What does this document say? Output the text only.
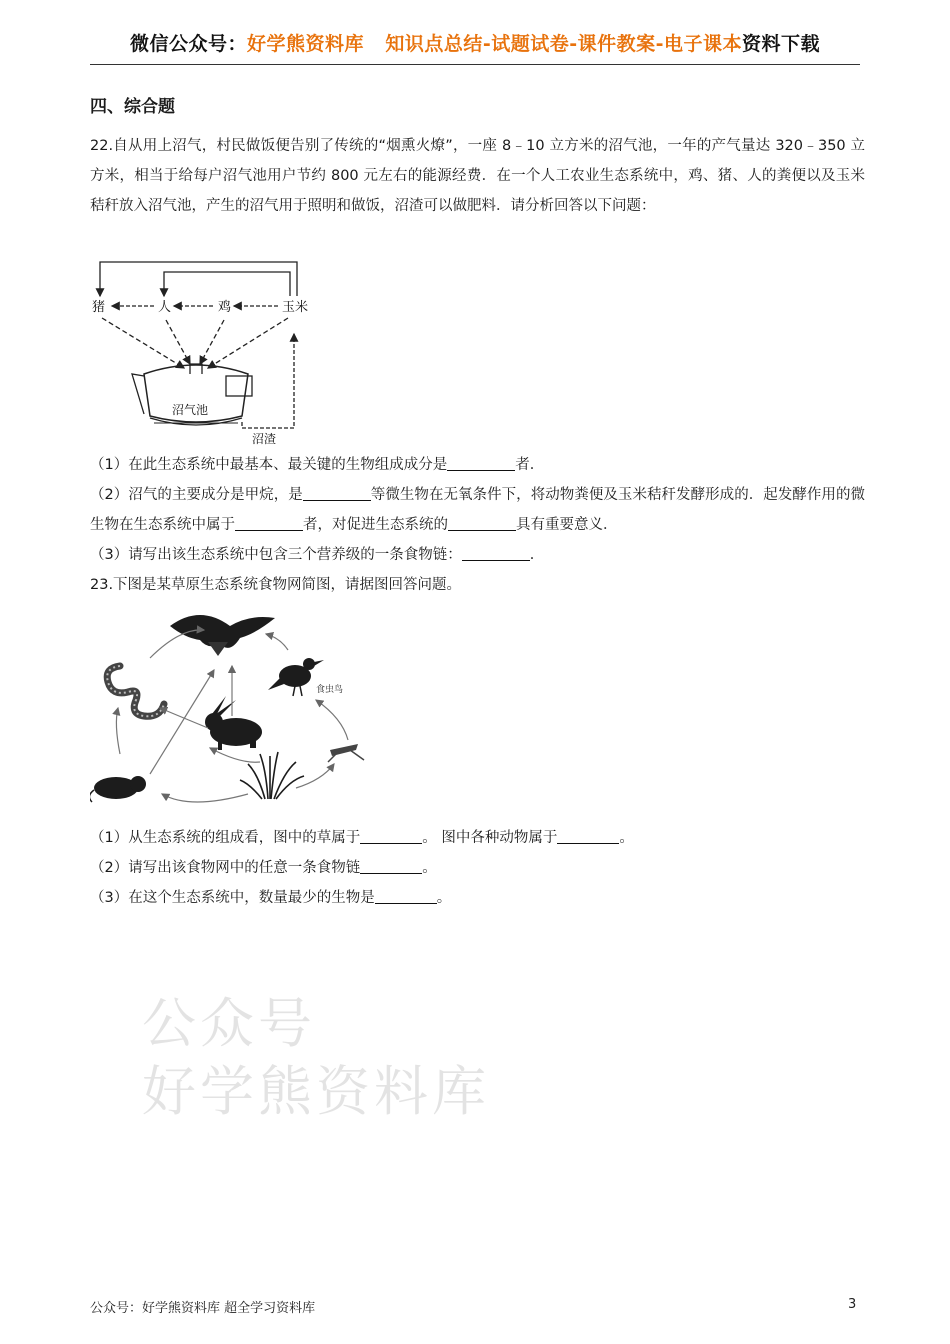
微信公众号：好学熊资料库 知识点总结-试题试卷-课件教案-电子课本资料下载
四、综合题
22.自从用上沼气，村民做饭便告别了传统的“烟熏火燎”，一座 8﹣10 立方米的沼气池，一年的产气量达 320﹣350 立方米，相当于给每户沼气池用户节约 800 元左右的能源经费．在一个人工农业生态系统中，鸡、猪、人的粪便以及玉米秸秆放入沼气池，产生的沼气用于照明和做饭，沼渣可以做肥料．请分析回答以下问题：
猪	人	鸡	玉米
沼气池
沼渣
（1）在此生态系统中最基本、最关键的生物组成成分是	者．
（2）沼气的主要成分是甲烷，是	等微生物在无氧条件下，将动物粪便及玉米秸秆发酵形成的．起发酵作用的微生物在生态系统中属于	者，对促进生态系统的	具有重要意义．
（3）请写出该生态系统中包含三个营养级的一条食物链：	．
23.下图是某草原生态系统食物网简图，请据图回答问题。
食虫鸟
（1）从生态系统的组成看，图中的草属于	。 图中各种动物属于	。
（2）请写出该食物网中的任意一条食物链	。
（3）在这个生态系统中，数量最少的生物是	。
公众号
好学熊资料库
公众号：好学熊资料库 超全学习资料库	3
